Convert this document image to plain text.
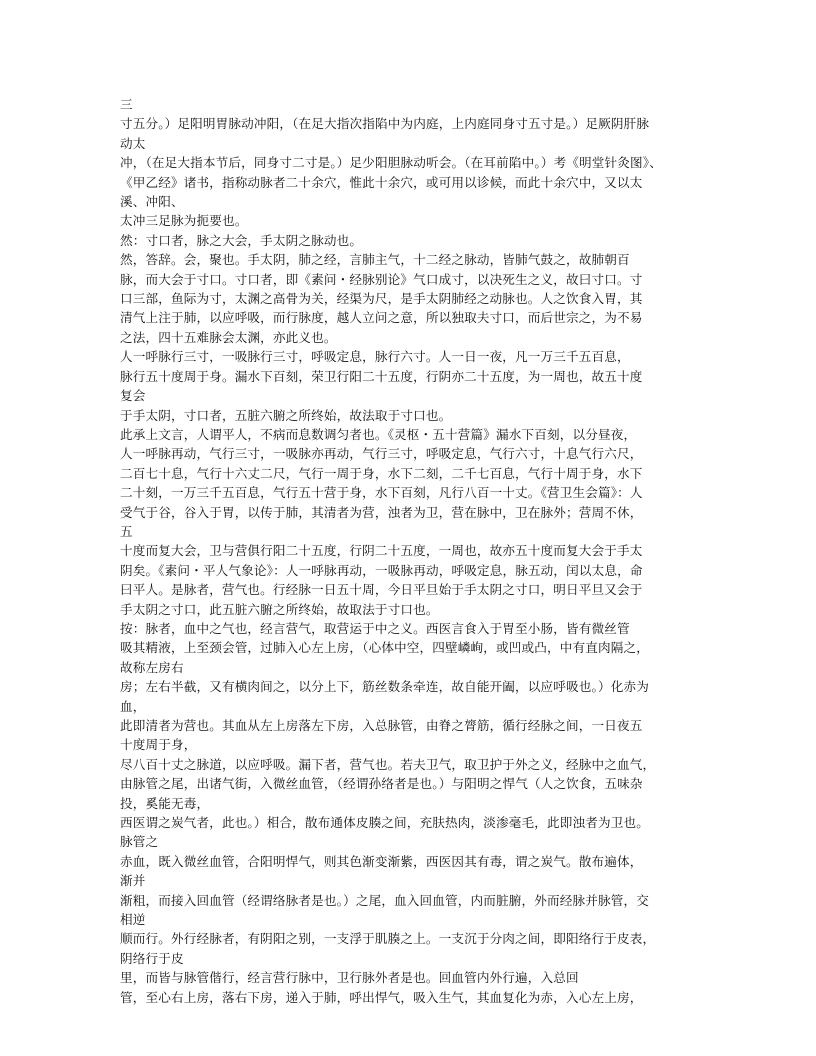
三
寸五分。）足阳明胃脉动冲阳，（在足大指次指陷中为内庭，上内庭同身寸五寸是。）足厥阴肝脉
动太
冲，（在足大指本节后，同身寸二寸是。）足少阳胆脉动听会。（在耳前陷中。）考《明堂针灸图》、
《甲乙经》诸书，指称动脉者二十余穴，惟此十余穴，或可用以诊候，而此十余穴中，又以太
溪、冲阳、
太冲三足脉为扼要也。
然：寸口者，脉之大会，手太阴之脉动也。
然，答辞。会，聚也。手太阴，肺之经，言肺主气，十二经之脉动，皆肺气鼓之，故肺朝百
脉，而大会于寸口。寸口者，即《素问・经脉别论》气口成寸，以决死生之义，故曰寸口。寸
口三部，鱼际为寸，太渊之高骨为关，经渠为尺，是手太阴肺经之动脉也。人之饮食入胃，其
清气上注于肺，以应呼吸，而行脉度，越人立问之意，所以独取夫寸口，而后世宗之，为不易
之法，四十五难脉会太渊，亦此义也。
人一呼脉行三寸，一吸脉行三寸，呼吸定息，脉行六寸。人一日一夜，凡一万三千五百息，
脉行五十度周于身。漏水下百刻，荣卫行阳二十五度，行阴亦二十五度，为一周也，故五十度
复会
于手太阴，寸口者，五脏六腑之所终始，故法取于寸口也。
此承上文言，人谓平人，不病而息数调匀者也。《灵枢・五十营篇》漏水下百刻，以分昼夜，
人一呼脉再动，气行三寸，一吸脉亦再动，气行三寸，呼吸定息，气行六寸，十息气行六尺，
二百七十息，气行十六丈二尺，气行一周于身，水下二刻，二千七百息，气行十周于身，水下
二十刻，一万三千五百息，气行五十营于身，水下百刻，凡行八百一十丈。《营卫生会篇》：人
受气于谷，谷入于胃，以传于肺，其清者为营，浊者为卫，营在脉中，卫在脉外；营周不休，
五
十度而复大会，卫与营俱行阳二十五度，行阴二十五度，一周也，故亦五十度而复大会于手太
阴矣。《素问・平人气象论》：人一呼脉再动，一吸脉再动，呼吸定息，脉五动，闰以太息，命
曰平人。是脉者，营气也。行经脉一日五十周，今日平旦始于手太阴之寸口，明日平旦又会于
手太阴之寸口，此五脏六腑之所终始，故取法于寸口也。
按：脉者，血中之气也，经言营气，取营运于中之义。西医言食入于胃至小肠，皆有微丝管
吸其精液，上至颈会管，过肺入心左上房，（心体中空，四壁嶙峋，或凹或凸，中有直肉隔之，
故称左房右
房；左右半截，又有横肉间之，以分上下，筋丝数条牵连，故自能开阖，以应呼吸也。）化赤为
血，
此即清者为营也。其血从左上房落左下房，入总脉管，由脊之膂筋，循行经脉之间，一日夜五
十度周于身，
尽八百十丈之脉道，以应呼吸。漏下者，营气也。若夫卫气，取卫护于外之义，经脉中之血气，
由脉管之尾，出诸气街，入微丝血管，（经谓孙络者是也。）与阳明之悍气（人之饮食，五味杂
投，奚能无毒，
西医谓之炭气者，此也。）相合，散布通体皮腠之间，充肤热肉，淡渗毫毛，此即浊者为卫也。
脉管之
赤血，既入微丝血管，合阳明悍气，则其色渐变渐紫，西医因其有毒，谓之炭气。散布遍体，
渐并
渐粗，而接入回血管（经谓络脉者是也。）之尾，血入回血管，内而脏腑，外而经脉并脉管，交
相逆
顺而行。外行经脉者，有阴阳之别，一支浮于肌腠之上。一支沉于分肉之间，即阳络行于皮表，
阴络行于皮
里，而皆与脉管偕行，经言营行脉中，卫行脉外者是也。回血管内外行遍，入总回
管，至心右上房，落右下房，递入于肺，呼出悍气，吸入生气，其血复化为赤，入心左上房，
